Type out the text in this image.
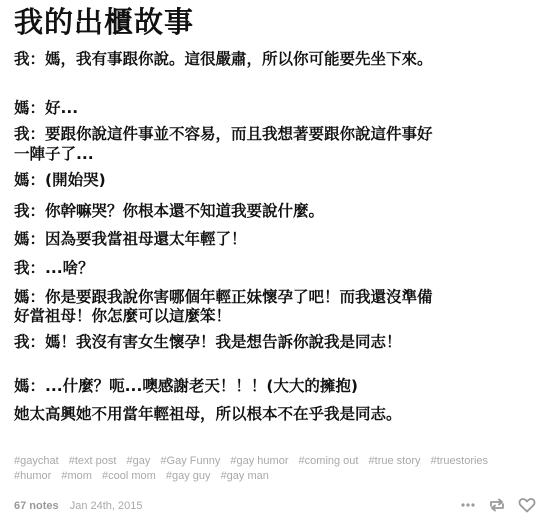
我的出櫃故事
我：媽，我有事跟你說。這很嚴肅，所以你可能要先坐下來。
媽：好...
我：要跟你說這件事並不容易，而且我想著要跟你說這件事好
一陣子了...
媽：(開始哭)
我：你幹嘛哭？你根本還不知道我要說什麼。
媽：因為要我當祖母還太年輕了！
我：...啥？
媽：你是要跟我說你害哪個年輕正妹懷孕了吧！而我還沒準備
好當祖母！你怎麼可以這麼笨！
我：媽！我沒有害女生懷孕！我是想告訴你說我是同志！
媽：...什麼？呃...噢感謝老天！！！(大大的擁抱)
她太高興她不用當年輕祖母，所以根本不在乎我是同志。
#gaychat #text post #gay #Gay Funny #gay humor #coming out #true story #truestories
#humor #mom #cool mom #gay guy #gay man
67 notes Jan 24th, 2015
